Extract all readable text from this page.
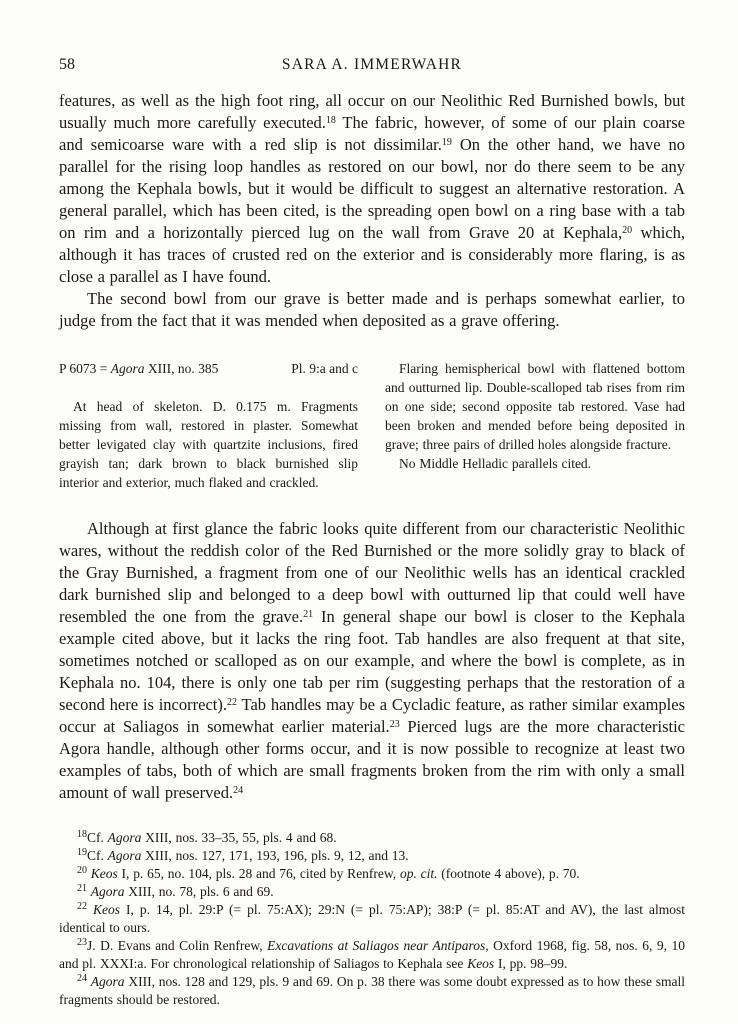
58	SARA A. IMMERWAHR

features, as well as the high foot ring, all occur on our Neolithic Red Burnished bowls, but usually much more carefully executed.$^{18}$ The fabric, however, of some of our plain coarse and semicoarse ware with a red slip is not dissimilar.$^{19}$ On the other hand, we have no parallel for the rising loop handles as restored on our bowl, nor do there seem to be any among the Kephala bowls, but it would be difficult to suggest an alternative restoration. A general parallel, which has been cited, is the spreading open bowl on a ring base with a tab on rim and a horizontally pierced lug on the wall from Grave 20 at Kephala,$^{20}$ which, although it has traces of crusted red on the exterior and is considerably more flaring, is as close a parallel as I have found.

The second bowl from our grave is better made and is perhaps somewhat earlier, to judge from the fact that it was mended when deposited as a grave offering.

P 6073 = Agora XIII, no. 385	Pl. 9:a and c

At head of skeleton. D. 0.175 m. Fragments missing from wall, restored in plaster. Somewhat better levigated clay with quartzite inclusions, fired grayish tan; dark brown to black burnished slip interior and exterior, much flaked and crackled.

Flaring hemispherical bowl with flattened bottom and outturned lip. Double-scalloped tab rises from rim on one side; second opposite tab restored. Vase had been broken and mended before being deposited in grave; three pairs of drilled holes alongside fracture.

No Middle Helladic parallels cited.

Although at first glance the fabric looks quite different from our characteristic Neolithic wares, without the reddish color of the Red Burnished or the more solidly gray to black of the Gray Burnished, a fragment from one of our Neolithic wells has an identical crackled dark burnished slip and belonged to a deep bowl with outturned lip that could well have resembled the one from the grave.$^{21}$ In general shape our bowl is closer to the Kephala example cited above, but it lacks the ring foot. Tab handles are also frequent at that site, sometimes notched or scalloped as on our example, and where the bowl is complete, as in Kephala no. 104, there is only one tab per rim (suggesting perhaps that the restoration of a second here is incorrect).$^{22}$ Tab handles may be a Cycladic feature, as rather similar examples occur at Saliagos in somewhat earlier material.$^{23}$ Pierced lugs are the more characteristic Agora handle, although other forms occur, and it is now possible to recognize at least two examples of tabs, both of which are small fragments broken from the rim with only a small amount of wall preserved.$^{24}$

$^{18}$Cf. Agora XIII, nos. 33–35, 55, pls. 4 and 68.

$^{19}$Cf. Agora XIII, nos. 127, 171, 193, 196, pls. 9, 12, and 13.

$^{20}$ Keos I, p. 65, no. 104, pls. 28 and 76, cited by Renfrew, op. cit. (footnote 4 above), p. 70.

$^{21}$ Agora XIII, no. 78, pls. 6 and 69.

$^{22}$ Keos I, p. 14, pl. 29:P (= pl. 75:AX); 29:N (= pl. 75:AP); 38:P (= pl. 85:AT and AV), the last almost identical to ours.

$^{23}$J. D. Evans and Colin Renfrew, Excavations at Saliagos near Antiparos, Oxford 1968, fig. 58, nos. 6, 9, 10 and pl. XXXI:a. For chronological relationship of Saliagos to Kephala see Keos I, pp. 98–99.

$^{24}$ Agora XIII, nos. 128 and 129, pls. 9 and 69. On p. 38 there was some doubt expressed as to how these small fragments should be restored.
